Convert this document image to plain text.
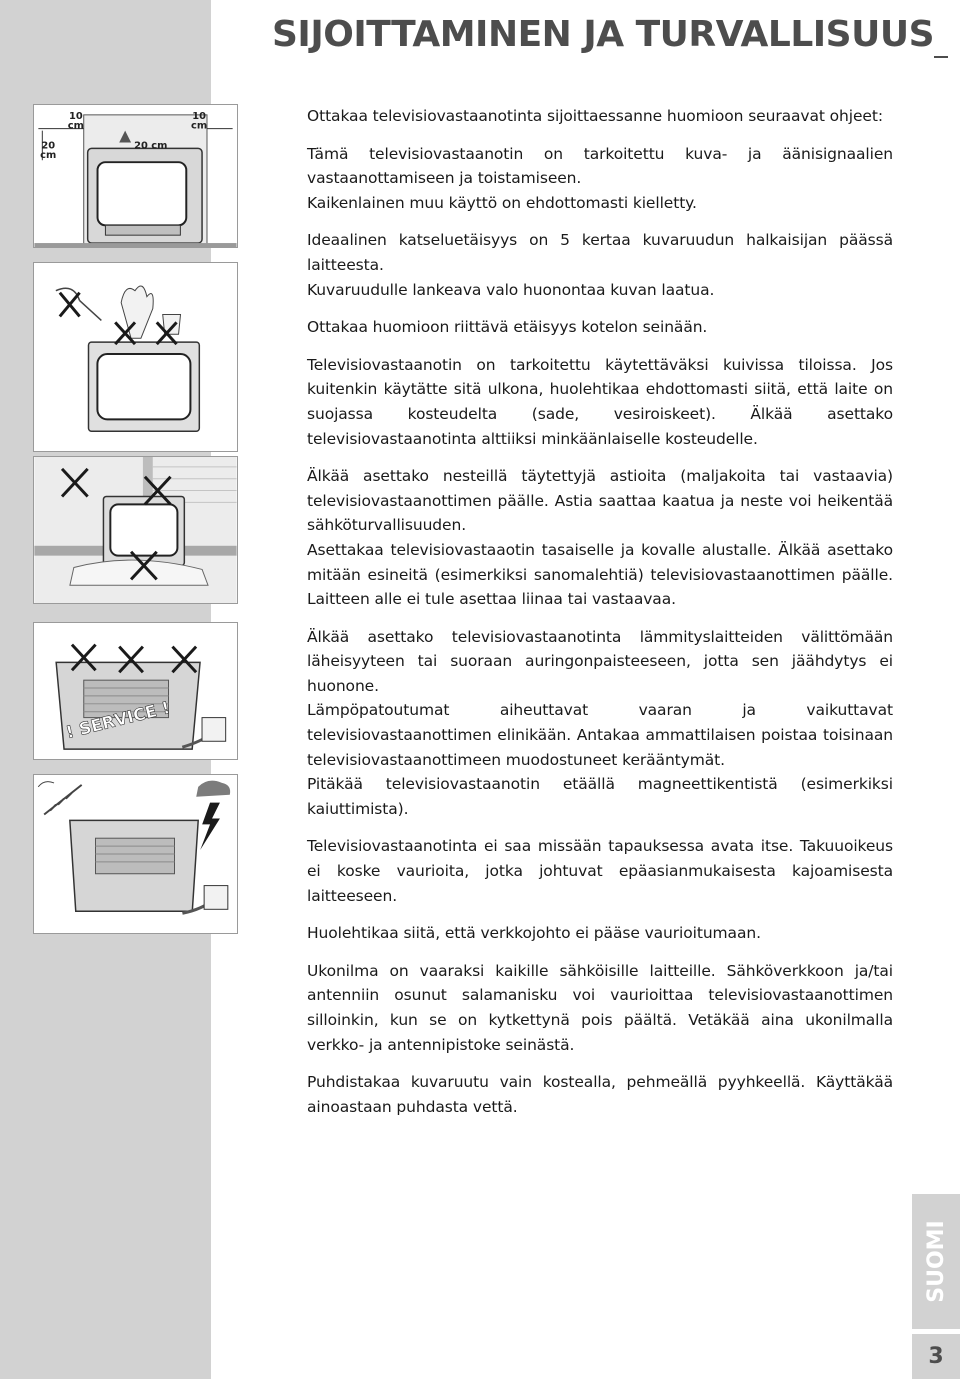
SIJOITTAMINEN JA TURVALLISUUS
10
cm
10
cm
20
cm
20 cm
! SERVICE !

Ottakaa televisiovastaanotinta sijoittaessanne huomioon seuraavat ohjeet:

Tämä televisiovastaanotin on tarkoitettu kuva- ja äänisignaalien vastaanottamiseen ja toistamiseen.

Kaikenlainen muu käyttö on ehdottomasti kielletty.

Ideaalinen katseluetäisyys on 5 kertaa kuvaruudun halkaisijan päässä laitteesta.

Kuvaruudulle lankeava valo huonontaa kuvan laatua.

Ottakaa huomioon riittävä etäisyys kotelon seinään.

Televisiovastaanotin on tarkoitettu käytettäväksi kuivissa tiloissa. Jos kuitenkin käytätte sitä ulkona, huolehtikaa ehdottomasti siitä, että laite on suojassa kosteudelta (sade, vesiroiskeet). Älkää asettako televisiovastaanotinta alttiiksi minkäänlaiselle kosteudelle.

Älkää asettako nesteillä täytettyjä astioita (maljakoita tai vastaavia) televisiovastaanottimen päälle. Astia saattaa kaatua ja neste voi heikentää sähköturvallisuuden.

Asettakaa televisiovastaaotin tasaiselle ja kovalle alustalle. Älkää asettako mitään esineitä (esimerkiksi sanomalehtiä) televisiovastaanottimen päälle. Laitteen alle ei tule asettaa liinaa tai vastaavaa.

Älkää asettako televisiovastaanotinta lämmityslaitteiden välittömään läheisyyteen tai suoraan auringonpaisteeseen, jotta sen jäähdytys ei huonone.

Lämpöpatoutumat aiheuttavat vaaran ja vaikuttavat televisiovastaanottimen elinikään. Antakaa ammattilaisen poistaa toisinaan televisiovastaanottimeen muodostuneet kerääntymät.

Pitäkää televisiovastaanotin etäällä magneettikentistä (esimerkiksi kaiuttimista).

Televisiovastaanotinta ei saa missään tapauksessa avata itse. Takuuoikeus ei koske vaurioita, jotka johtuvat epäasianmukaisesta kajoamisesta laitteeseen.

Huolehtikaa siitä, että verkkojohto ei pääse vaurioitumaan.

Ukonilma on vaaraksi kaikille sähköisille laitteille. Sähköverkkoon ja/tai antenniin osunut salamanisku voi vaurioittaa televisiovastaanottimen silloinkin, kun se on kytkettynä pois päältä. Vetäkää aina ukonilmalla verkko- ja antennipistoke seinästä.

Puhdistakaa kuvaruutu vain kostealla, pehmeällä pyyhkeellä. Käyttäkää ainoastaan puhdasta vettä.

SUOMI
3
